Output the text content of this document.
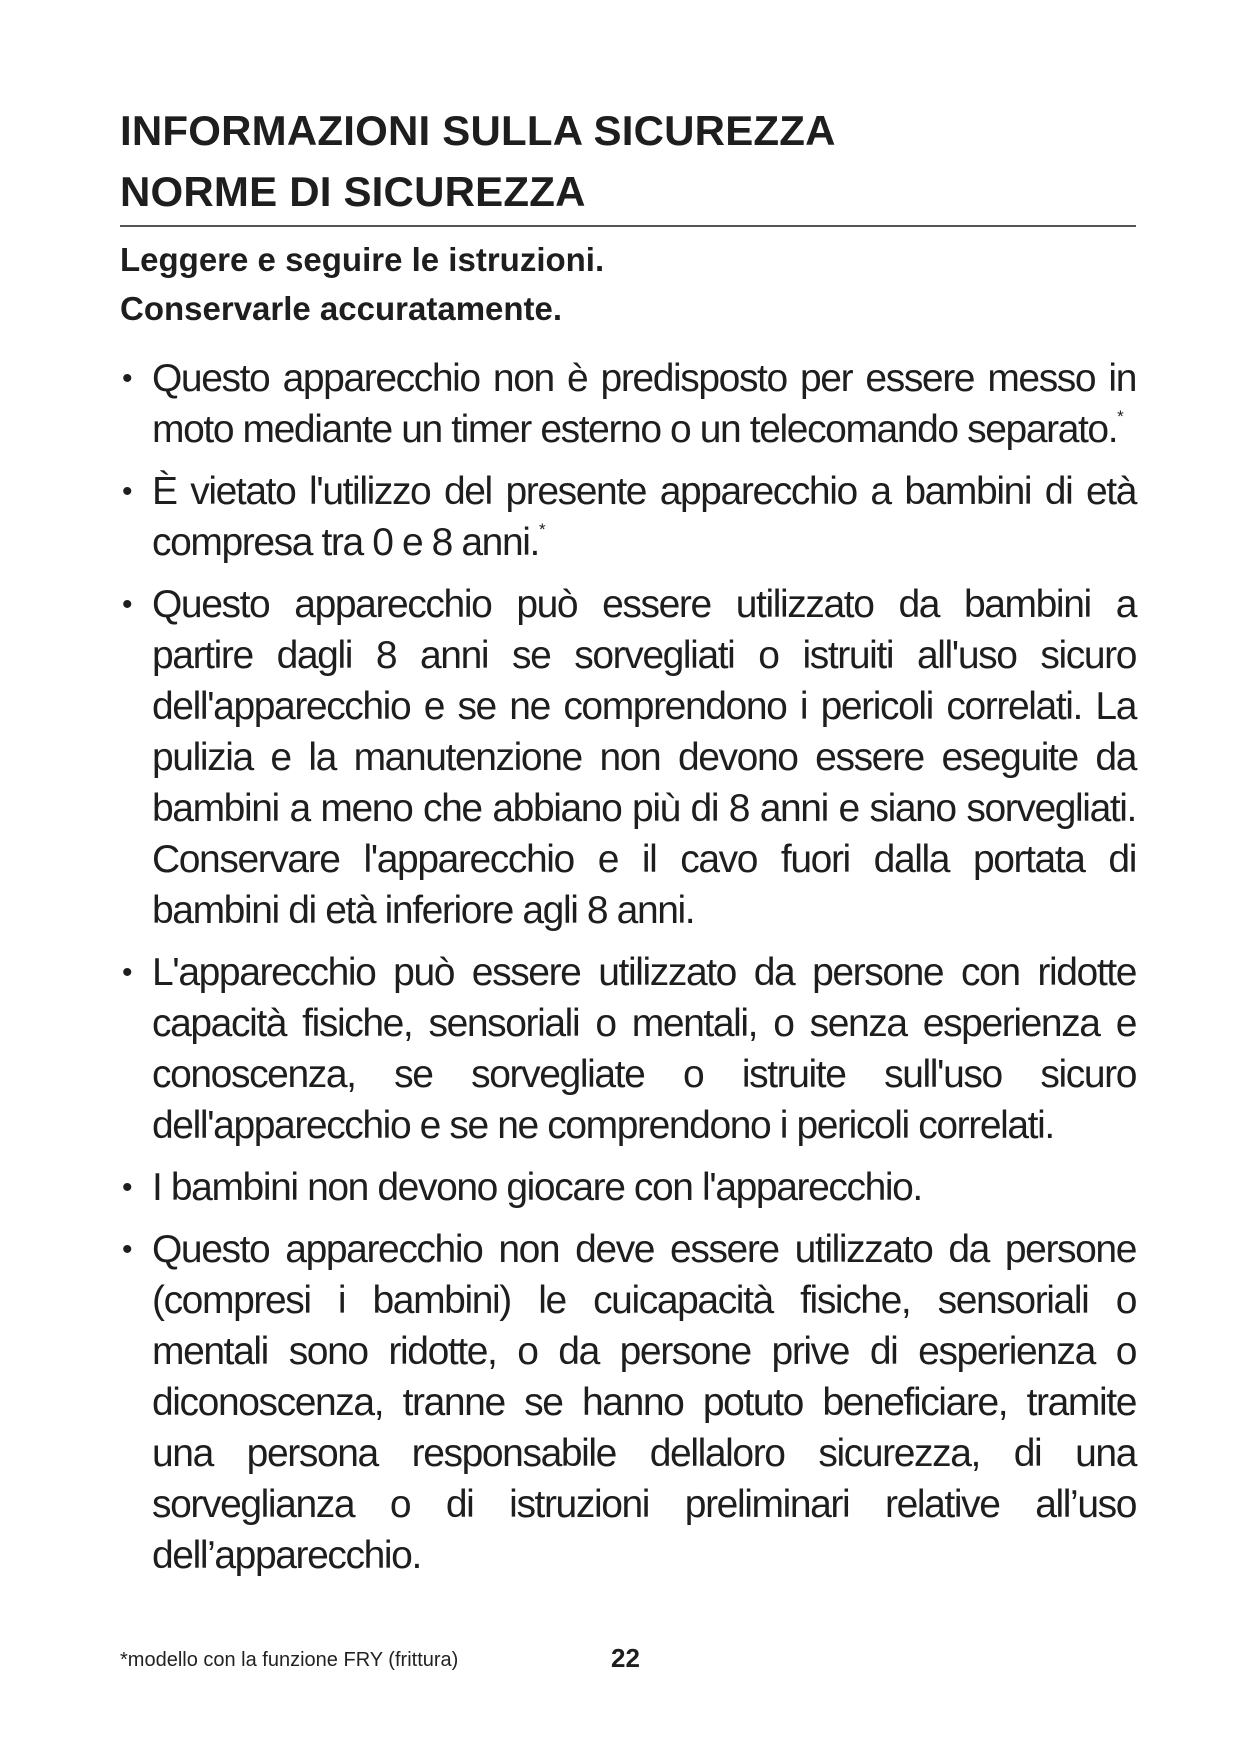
INFORMAZIONI SULLA SICUREZZA
NORME DI SICUREZZA

Leggere e seguire le istruzioni.
Conservarle accuratamente.

• Questo apparecchio non è predisposto per essere messo in moto mediante un timer esterno o un telecomando separato.*
• È vietato l'utilizzo del presente apparecchio a bambini di età compresa tra 0 e 8 anni.*
• Questo apparecchio può essere utilizzato da bambini a partire dagli 8 anni se sorvegliati o istruiti all'uso sicuro dell'apparecchio e se ne comprendono i pericoli correlati. La pulizia e la manutenzione non devono essere eseguite da bambini a meno che abbiano più di 8 anni e siano sorvegliati. Conservare l'apparecchio e il cavo fuori dalla portata di bambini di età inferiore agli 8 anni.
• L'apparecchio può essere utilizzato da persone con ridotte capacità fisiche, sensoriali o mentali, o senza esperienza e conoscenza, se sorvegliate o istruite sull'uso sicuro dell'apparecchio e se ne comprendono i pericoli correlati.
• I bambini non devono giocare con l'apparecchio.
• Questo apparecchio non deve essere utilizzato da persone (compresi i bambini) le cuicapacità fisiche, sensoriali o mentali sono ridotte, o da persone prive di esperienza o diconoscenza, tranne se hanno potuto beneficiare, tramite una persona responsabile dellaloro sicurezza, di una sorveglianza o di istruzioni preliminari relative all’uso dell’apparecchio.
*modello con la funzione FRY (frittura)	22
